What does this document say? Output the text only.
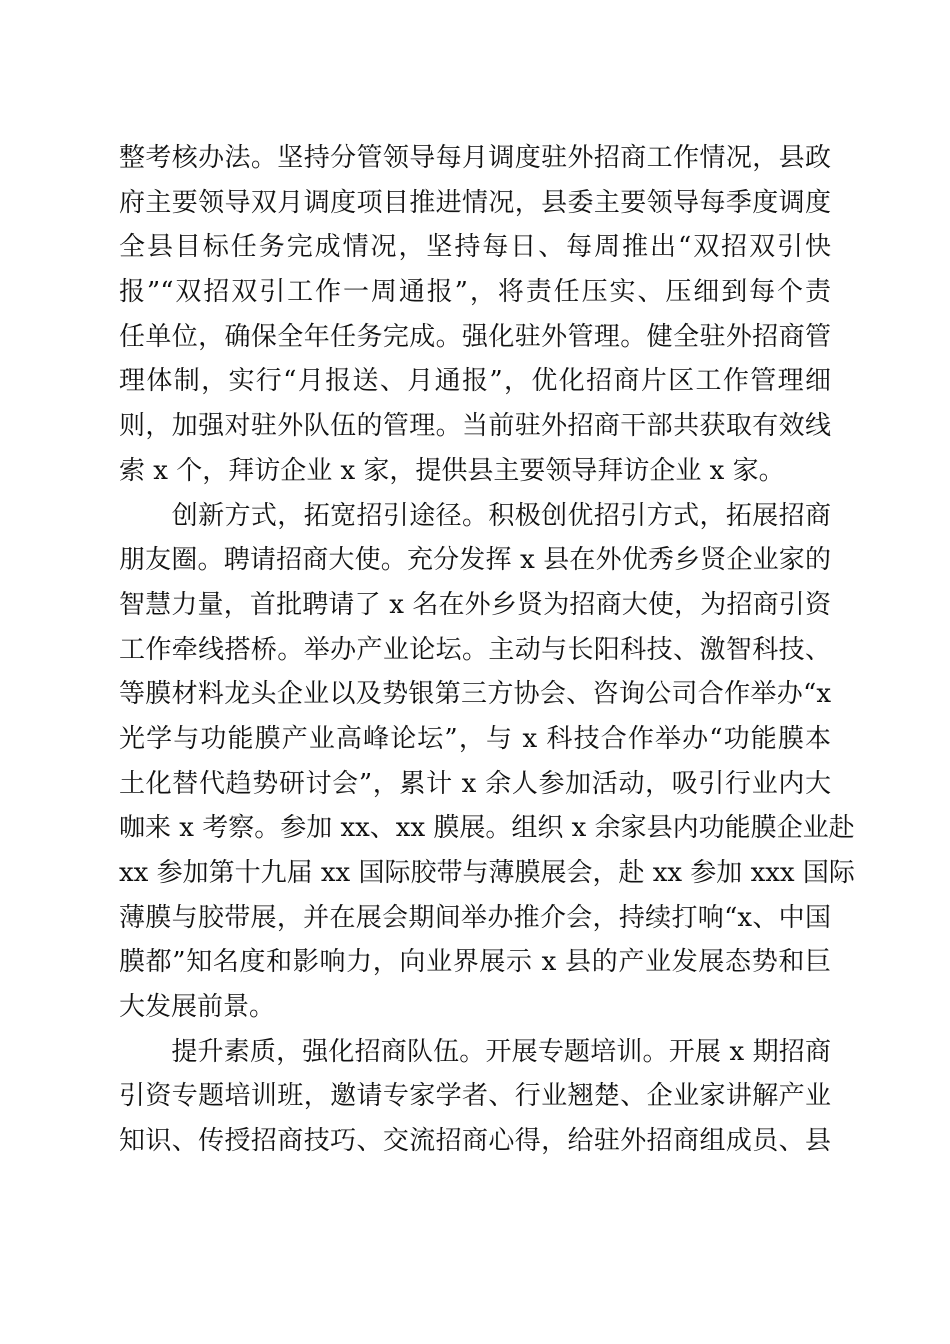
整考核办法。坚持分管领导每月调度驻外招商工作情况，县政
府主要领导双月调度项目推进情况，县委主要领导每季度调度
全县目标任务完成情况，坚持每日、每周推出“双招双引快
报”“双招双引工作一周通报”，将责任压实、压细到每个责
任单位，确保全年任务完成。强化驻外管理。健全驻外招商管
理体制，实行“月报送、月通报”，优化招商片区工作管理细
则，加强对驻外队伍的管理。当前驻外招商干部共获取有效线
索 x 个，拜访企业 x 家，提供县主要领导拜访企业 x 家。
　　创新方式，拓宽招引途径。积极创优招引方式，拓展招商
朋友圈。聘请招商大使。充分发挥 x 县在外优秀乡贤企业家的
智慧力量，首批聘请了 x 名在外乡贤为招商大使，为招商引资
工作牵线搭桥。举办产业论坛。主动与长阳科技、激智科技、
等膜材料龙头企业以及势银第三方协会、咨询公司合作举办“x
光学与功能膜产业高峰论坛”，与 x 科技合作举办“功能膜本
土化替代趋势研讨会”，累计 x 余人参加活动，吸引行业内大
咖来 x 考察。参加 xx、xx 膜展。组织 x 余家县内功能膜企业赴
xx 参加第十九届 xx 国际胶带与薄膜展会，赴 xx 参加 xxx 国际
薄膜与胶带展，并在展会期间举办推介会，持续打响“x、中国
膜都”知名度和影响力，向业界展示 x 县的产业发展态势和巨
大发展前景。
　　提升素质，强化招商队伍。开展专题培训。开展 x 期招商
引资专题培训班，邀请专家学者、行业翘楚、企业家讲解产业
知识、传授招商技巧、交流招商心得，给驻外招商组成员、县
